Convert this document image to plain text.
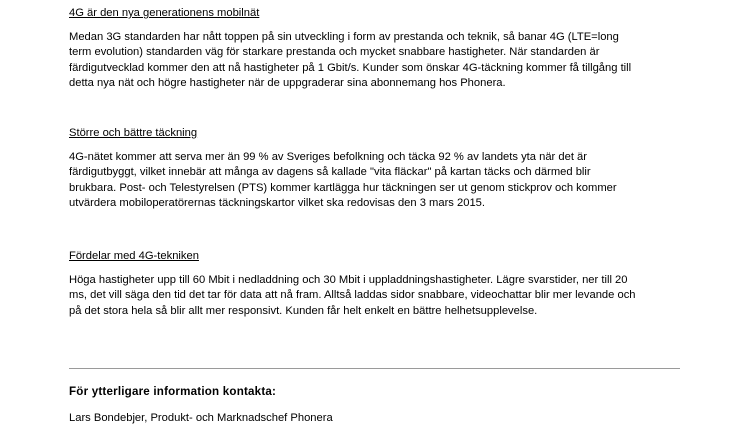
4G är den nya generationens mobilnät

Medan 3G standarden har nått toppen på sin utveckling i form av prestanda och teknik, så banar 4G (LTE=long
term evolution) standarden väg för starkare prestanda och mycket snabbare hastigheter. När standarden är
färdigutvecklad kommer den att nå hastigheter på 1 Gbit/s. Kunder som önskar 4G-täckning kommer få tillgång till
detta nya nät och högre hastigheter när de uppgraderar sina abonnemang hos Phonera.

Större och bättre täckning

4G-nätet kommer att serva mer än 99 % av Sveriges befolkning och täcka 92 % av landets yta när det är
färdigutbyggt, vilket innebär att många av dagens så kallade "vita fläckar" på kartan täcks och därmed blir
brukbara. Post- och Telestyrelsen (PTS) kommer kartlägga hur täckningen ser ut genom stickprov och kommer
utvärdera mobiloperatörernas täckningskartor vilket ska redovisas den 3 mars 2015.

Fördelar med 4G-tekniken

Höga hastigheter upp till 60 Mbit i nedladdning och 30 Mbit i uppladdningshastigheter. Lägre svarstider, ner till 20
ms, det vill säga den tid det tar för data att nå fram. Alltså laddas sidor snabbare, videochattar blir mer levande och
på det stora hela så blir allt mer responsivt. Kunden får helt enkelt en bättre helhetsupplevelse.

För ytterligare information kontakta:
Lars Bondebjer, Produkt- och Marknadschef Phonera
